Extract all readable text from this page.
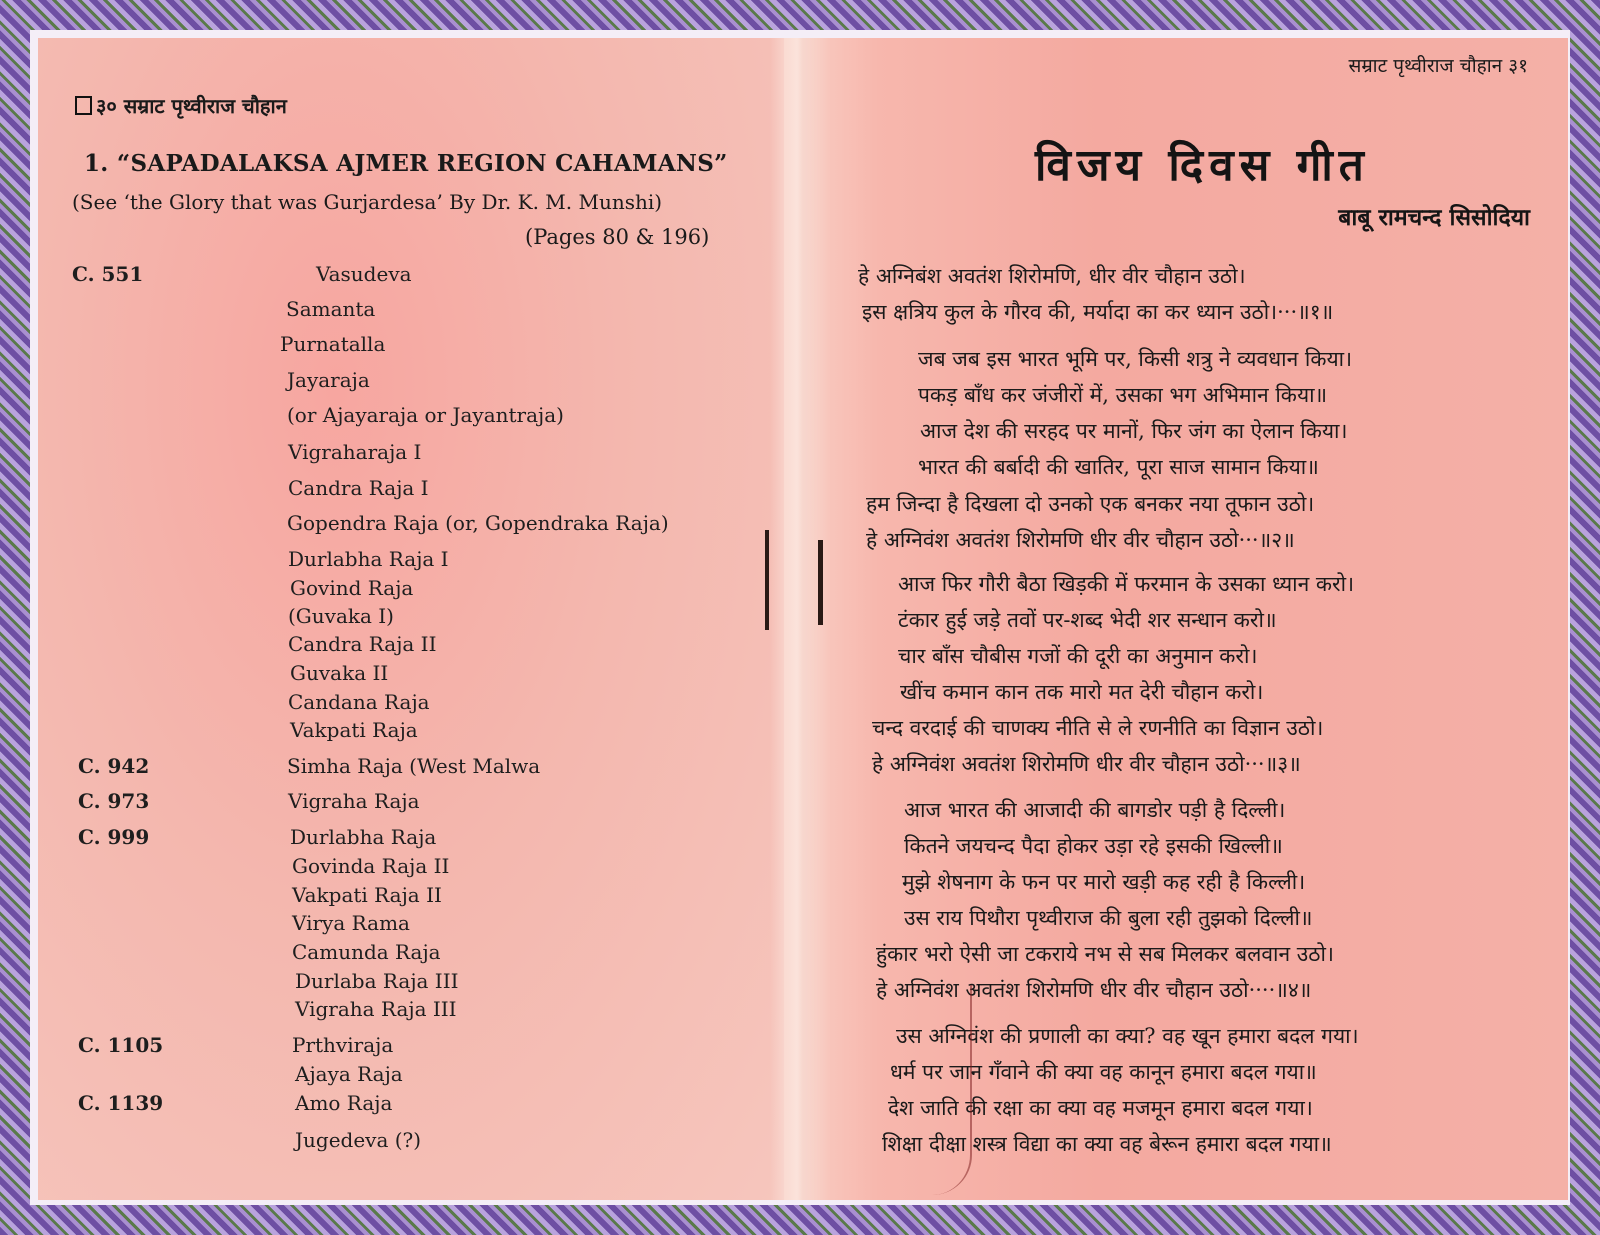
३० सम्राट पृथ्वीराज चौहान
1. “SAPADALAKSA AJMER REGION CAHAMANS”
(See ‘the Glory that was Gurjardesa’ By Dr. K. M. Munshi)
(Pages 80 & 196)
C. 551	Vasudeva
Samanta
Purnatalla
Jayaraja
(or Ajayaraja or Jayantraja)
Vigraharaja I
Candra Raja I
Gopendra Raja (or, Gopendraka Raja)
Durlabha Raja I
Govind Raja
(Guvaka I)
Candra Raja II
Guvaka II
Candana Raja
Vakpati Raja
C. 942	Simha Raja (West Malwa
C. 973	Vigraha Raja
C. 999	Durlabha Raja
Govinda Raja II
Vakpati Raja II
Virya Rama
Camunda Raja
Durlaba Raja III
Vigraha Raja III
C. 1105	Prthviraja
Ajaya Raja
C. 1139	Amo Raja
Jugedeva (?)
सम्राट पृथ्वीराज चौहान ३१
विजय दिवस गीत
बाबू रामचन्द सिसोदिया
हे अग्निबंश अवतंश शिरोमणि, धीर वीर चौहान उठो।
इस क्षत्रिय कुल के गौरव की, मर्यादा का कर ध्यान उठो।···॥१॥
जब जब इस भारत भूमि पर, किसी शत्रु ने व्यवधान किया।
पकड़ बाँध कर जंजीरों में, उसका भग अभिमान किया॥
आज देश की सरहद पर मानों, फिर जंग का ऐलान किया।
भारत की बर्बादी की खातिर, पूरा साज सामान किया॥
हम जिन्दा है दिखला दो उनको एक बनकर नया तूफान उठो।
हे अग्निवंश अवतंश शिरोमणि धीर वीर चौहान उठो···॥२॥
आज फिर गौरी बैठा खिड़की में फरमान के उसका ध्यान करो।
टंकार हुई जड़े तवों पर-शब्द भेदी शर सन्धान करो॥
चार बाँस चौबीस गजों की दूरी का अनुमान करो।
खींच कमान कान तक मारो मत देरी चौहान करो।
चन्द वरदाई की चाणक्य नीति से ले रणनीति का विज्ञान उठो।
हे अग्निवंश अवतंश शिरोमणि धीर वीर चौहान उठो···॥३॥
आज भारत की आजादी की बागडोर पड़ी है दिल्ली।
कितने जयचन्द पैदा होकर उड़ा रहे इसकी खिल्ली॥
मुझे शेषनाग के फन पर मारो खड़ी कह रही है किल्ली।
उस राय पिथौरा पृथ्वीराज की बुला रही तुझको दिल्ली॥
हुंकार भरो ऐसी जा टकराये नभ से सब मिलकर बलवान उठो।
हे अग्निवंश अवतंश शिरोमणि धीर वीर चौहान उठो····॥४॥
उस अग्निवंश की प्रणाली का क्या? वह खून हमारा बदल गया।
धर्म पर जान गँवाने की क्या वह कानून हमारा बदल गया॥
देश जाति की रक्षा का क्या वह मजमून हमारा बदल गया।
शिक्षा दीक्षा शस्त्र विद्या का क्या वह बेरून हमारा बदल गया॥
